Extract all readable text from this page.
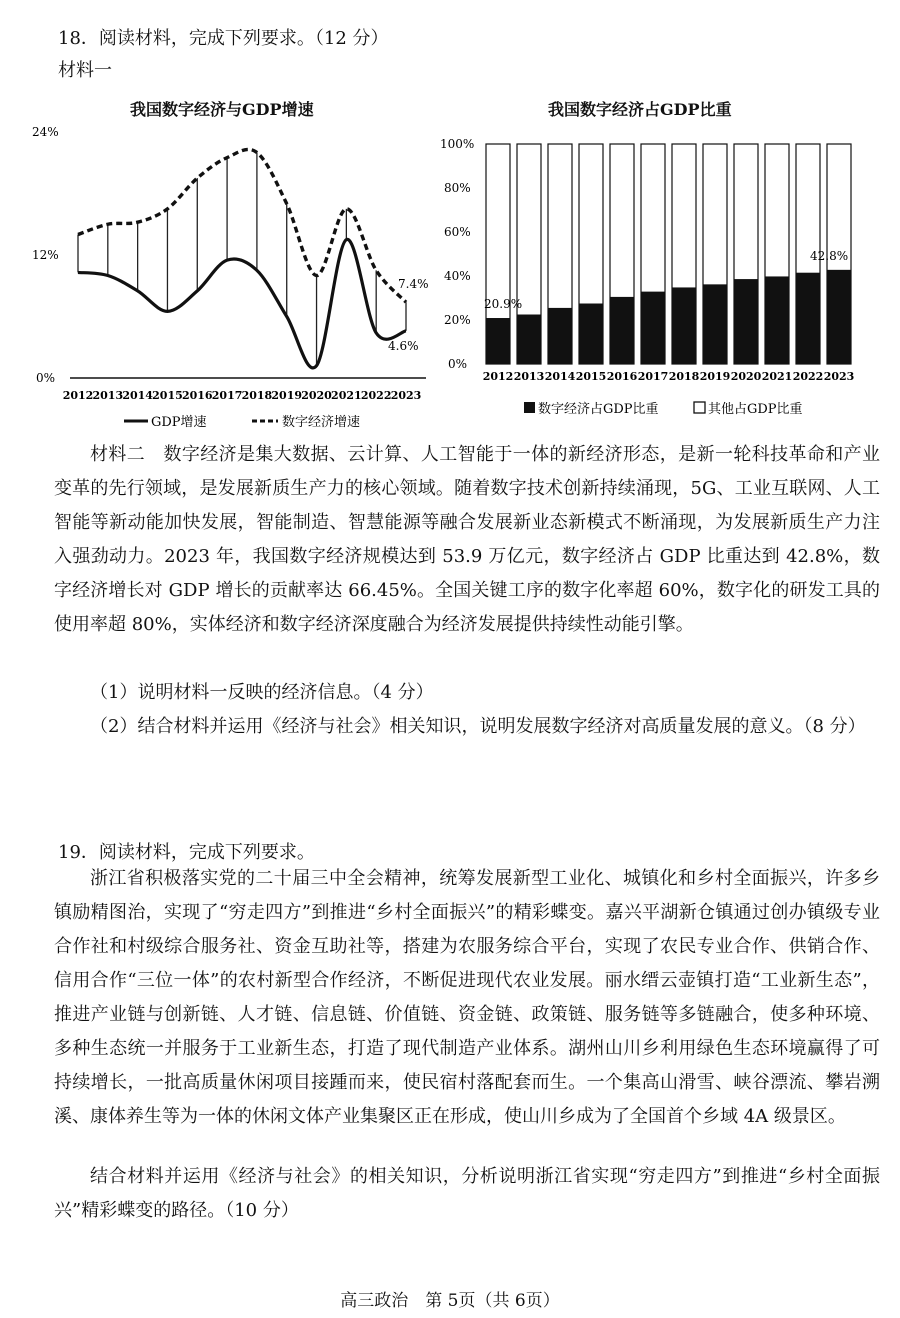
18．阅读材料，完成下列要求。（12 分）
材料一
我国数字经济与GDP增速
2012 2013 2014 2015 2016 2017 2018 2019 2020 2021 2022 2023
0%
12%
24%
7.4%
4.6%
GDP增速	数字经济增速
我国数字经济占GDP比重
2012 2013 2014 2015 2016 2017 2018 2019 2020 2021 2022 2023
0%
20%
40%
60%
80%
100%
20.9%
42.8%
数字经济占GDP比重	其他占GDP比重
材料二　数字经济是集大数据、云计算、人工智能于一体的新经济形态，是新一轮科技革命和产业变革的先行领域，是发展新质生产力的核心领域。随着数字技术创新持续涌现，5G、工业互联网、人工智能等新动能加快发展，智能制造、智慧能源等融合发展新业态新模式不断涌现，为发展新质生产力注入强劲动力。2023 年，我国数字经济规模达到 53.9 万亿元，数字经济占 GDP 比重达到 42.8%，数字经济增长对 GDP 增长的贡献率达 66.45%。全国关键工序的数字化率超 60%，数字化的研发工具的使用率超 80%，实体经济和数字经济深度融合为经济发展提供持续性动能引擎。
（1）说明材料一反映的经济信息。（4 分）
（2）结合材料并运用《经济与社会》相关知识，说明发展数字经济对高质量发展的意义。（8 分）
19．阅读材料，完成下列要求。
浙江省积极落实党的二十届三中全会精神，统筹发展新型工业化、城镇化和乡村全面振兴，许多乡镇励精图治，实现了“穷走四方”到推进“乡村全面振兴”的精彩蝶变。嘉兴平湖新仓镇通过创办镇级专业合作社和村级综合服务社、资金互助社等，搭建为农服务综合平台，实现了农民专业合作、供销合作、信用合作“三位一体”的农村新型合作经济，不断促进现代农业发展。丽水缙云壶镇打造“工业新生态”，推进产业链与创新链、人才链、信息链、价值链、资金链、政策链、服务链等多链融合，使多种环境、多种生态统一并服务于工业新生态，打造了现代制造产业体系。湖州山川乡利用绿色生态环境赢得了可持续增长，一批高质量休闲项目接踵而来，使民宿村落配套而生。一个集高山滑雪、峡谷漂流、攀岩溯溪、康体养生等为一体的休闲文体产业集聚区正在形成，使山川乡成为了全国首个乡域 4A 级景区。
结合材料并运用《经济与社会》的相关知识，分析说明浙江省实现“穷走四方”到推进“乡村全面振兴”精彩蝶变的路径。（10 分）
高三政治　第 5页（共 6页）
